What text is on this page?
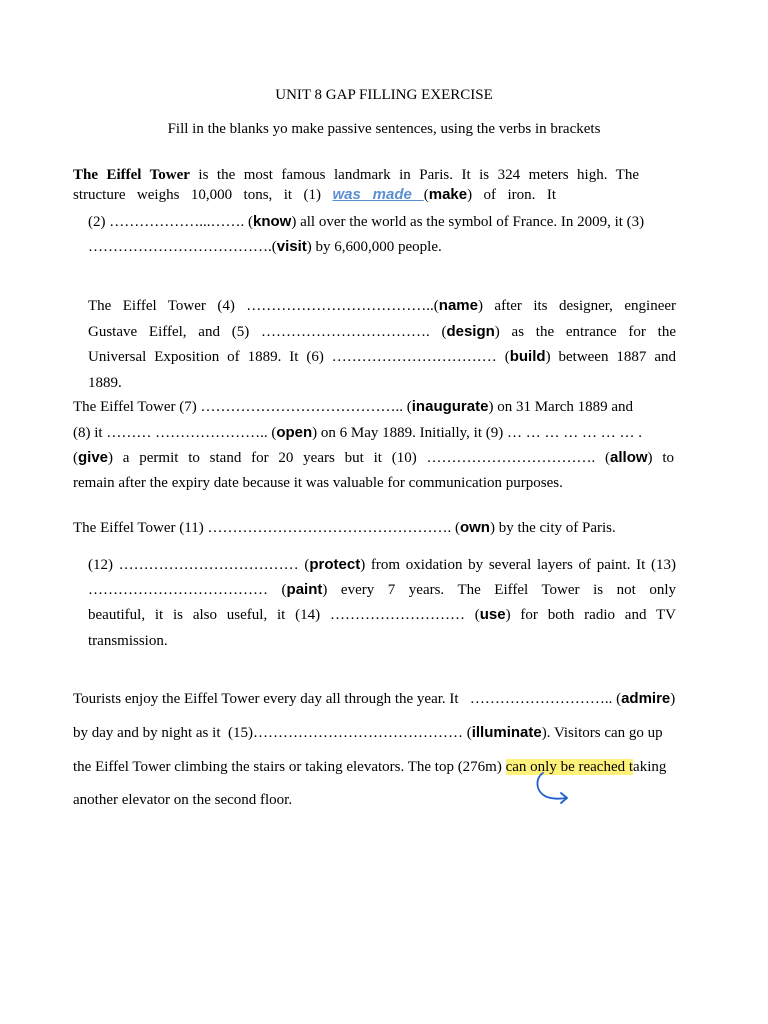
UNIT 8 GAP FILLING EXERCISE
Fill in the blanks yo make passive sentences, using the verbs in brackets
The Eiffel Tower is the most famous landmark in Paris. It is 324 meters high. The
structure weighs 10,000 tons, it (1) was made (make) of iron. It
(2) ………………...……. (know) all over the world as the symbol of France. In 2009, it (3)
……………………………….(visit) by 6,600,000 people.
The Eiffel Tower (4) ………………………………..(name) after its designer, engineer
Gustave Eiffel, and (5) ……………………………. (design) as the entrance for the
Universal Exposition of 1889. It (6) …………………………… (build) between 1887 and
1889.
The Eiffel Tower (7) ………………………………….. (inaugurate) on 31 March 1889 and
(8) it ……… ………………….. (open) on 6 May 1889. Initially, it (9) … … … … … … … .
(give) a permit to stand for 20 years but it (10) ……………………………. (allow) to
remain after the expiry date because it was valuable for communication purposes.
The Eiffel Tower (11) …………………………………………. (own) by the city of Paris.
(12) ……………………………… (protect) from oxidation by several layers of paint. It (13)
……………………………… (paint) every 7 years. The Eiffel Tower is not only
beautiful, it is also useful, it (14) ……………………… (use) for both radio and TV
transmission.
Tourists enjoy the Eiffel Tower every day all through the year. It   ……………………….. (admire)
by day and by night as it  (15)…………………………………… (illuminate). Visitors can go up
the Eiffel Tower climbing the stairs or taking elevators. The top (276m) can only be reached taking
another elevator on the second floor.
